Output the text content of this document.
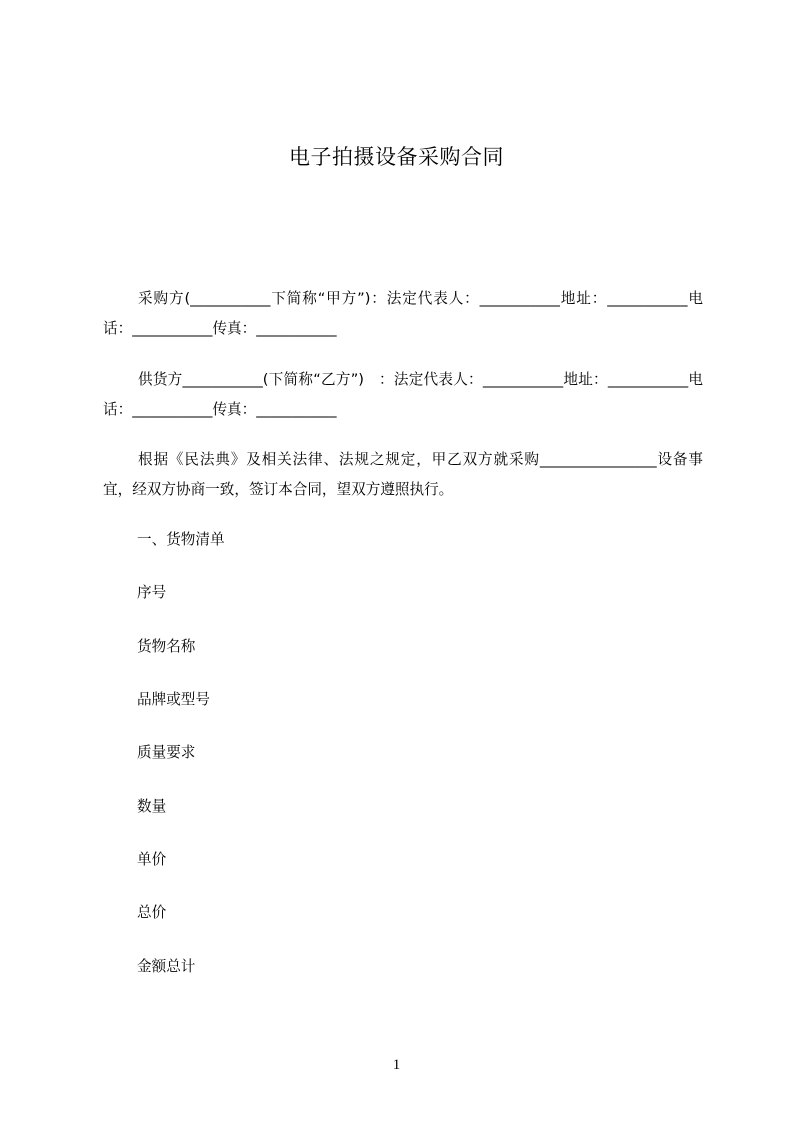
电子拍摄设备采购合同

采购方(___________下简称“甲方”)：法定代表人：___________地址：___________电话：___________传真：___________

供货方___________(下简称“乙方”)　：法定代表人：___________地址：___________电话：___________传真：___________

根据《民法典》及相关法律、法规之规定，甲乙双方就采购________________设备事宜，经双方协商一致，签订本合同，望双方遵照执行。

一、货物清单

序号

货物名称

品牌或型号

质量要求

数量

单价

总价

金额总计

1
